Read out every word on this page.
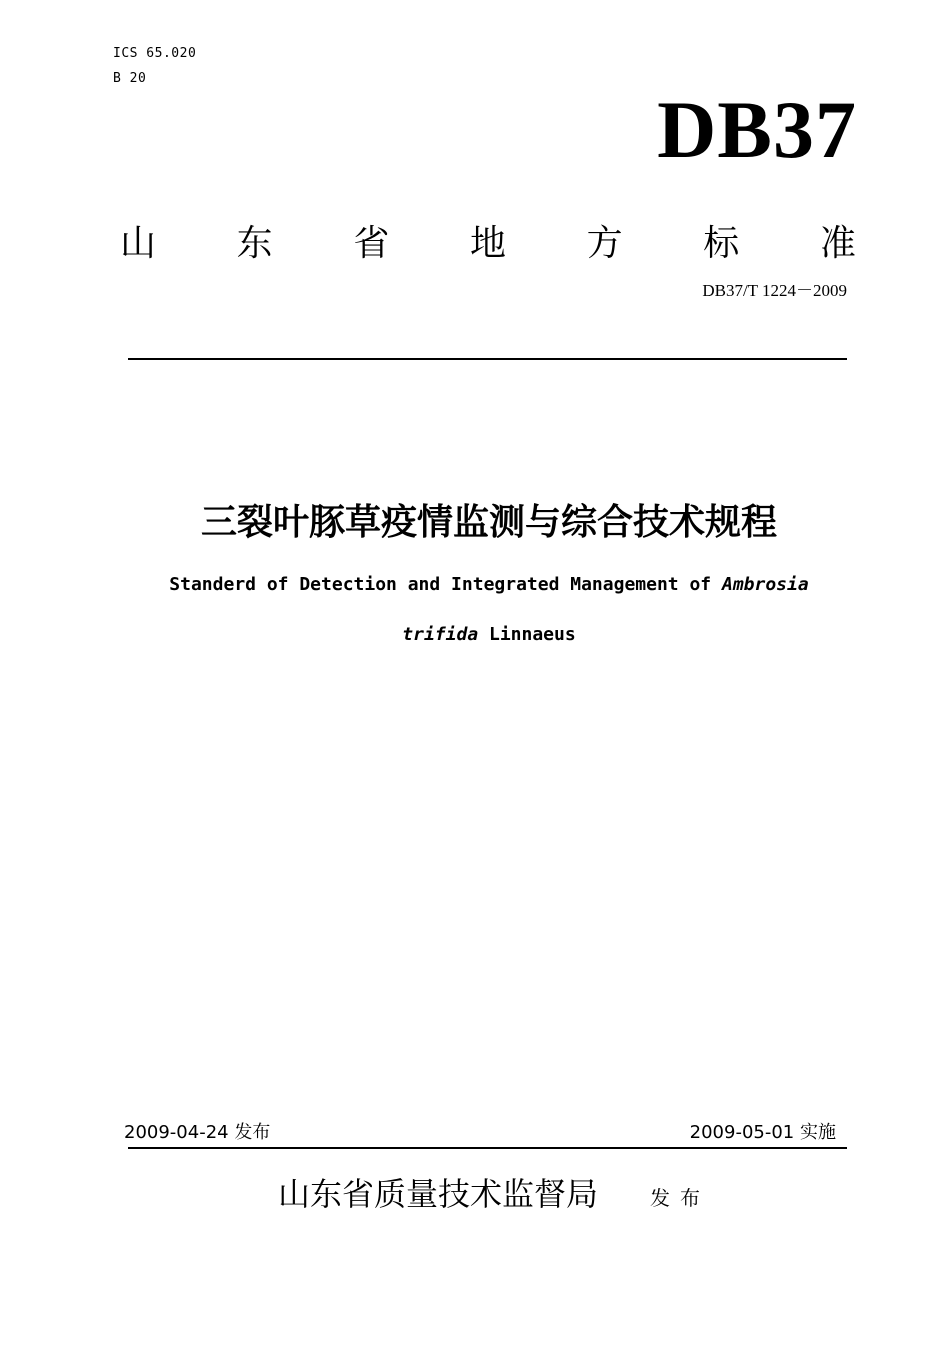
ICS 65.020
B 20
DB37
山 东 省 地 方 标 准
DB37/T 1224－2009
三裂叶豚草疫情监测与综合技术规程
Standerd of Detection and Integrated Management of Ambrosia
trifida Linnaeus
2009-04-24 发布	2009-05-01 实施
山东省质量技术监督局	发布
